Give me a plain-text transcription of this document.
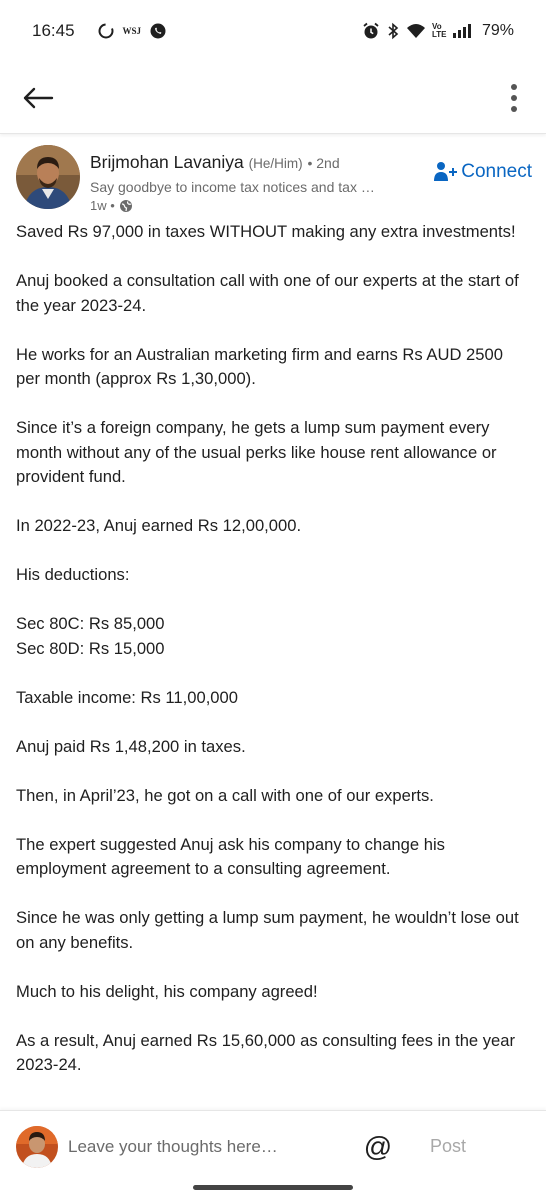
16:45	WSJ	Vo LTE 79%
Brijmohan Lavaniya (He/Him) • 2nd
Say goodbye to income tax notices and tax …
1w •
Connect

Saved Rs 97,000 in taxes WITHOUT making any extra investments!

Anuj booked a consultation call with one of our experts at the start of the year 2023-24.

He works for an Australian marketing firm and earns Rs AUD 2500 per month (approx Rs 1,30,000).

Since it’s a foreign company, he gets a lump sum payment every month without any of the usual perks like house rent allowance or provident fund.

In 2022-23, Anuj earned Rs 12,00,000.

His deductions:

Sec 80C: Rs 85,000

Sec 80D: Rs 15,000

Taxable income: Rs 11,00,000

Anuj paid Rs 1,48,200 in taxes.

Then, in April’23, he got on a call with one of our experts.

The expert suggested Anuj ask his company to change his employment agreement to a consulting agreement.

Since he was only getting a lump sum payment, he wouldn’t lose out on any benefits.

Much to his delight, his company agreed!

As a result, Anuj earned Rs 15,60,000 as consulting fees in the year 2023-24.

Leave your thoughts here…
@	Post
